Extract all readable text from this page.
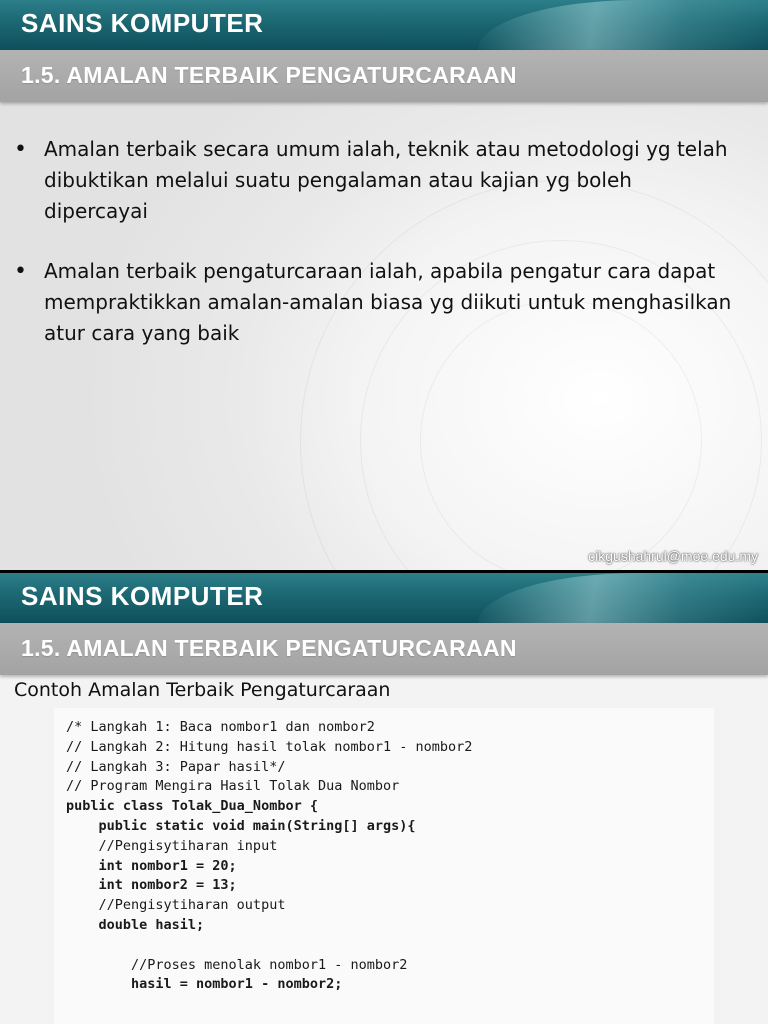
SAINS KOMPUTER
1.5. AMALAN TERBAIK PENGATURCARAAN
• Amalan terbaik secara umum ialah, teknik atau metodologi yg telah dibuktikan melalui suatu pengalaman atau kajian yg boleh dipercayai
• Amalan terbaik pengaturcaraan ialah, apabila pengatur cara dapat mempraktikkan amalan-amalan biasa yg diikuti untuk menghasilkan atur cara yang baik
cikgushahrul@moe.edu.my
SAINS KOMPUTER
1.5. AMALAN TERBAIK PENGATURCARAAN
Contoh Amalan Terbaik Pengaturcaraan
/* Langkah 1: Baca nombor1 dan nombor2
// Langkah 2: Hitung hasil tolak nombor1 - nombor2
// Langkah 3: Papar hasil*/
// Program Mengira Hasil Tolak Dua Nombor
public class Tolak_Dua_Nombor {
public static void main(String[] args){
//Pengisytiharan input
int nombor1 = 20;
int nombor2 = 13;
//Pengisytiharan output
double hasil;

//Proses menolak nombor1 - nombor2
hasil = nombor1 - nombor2;
